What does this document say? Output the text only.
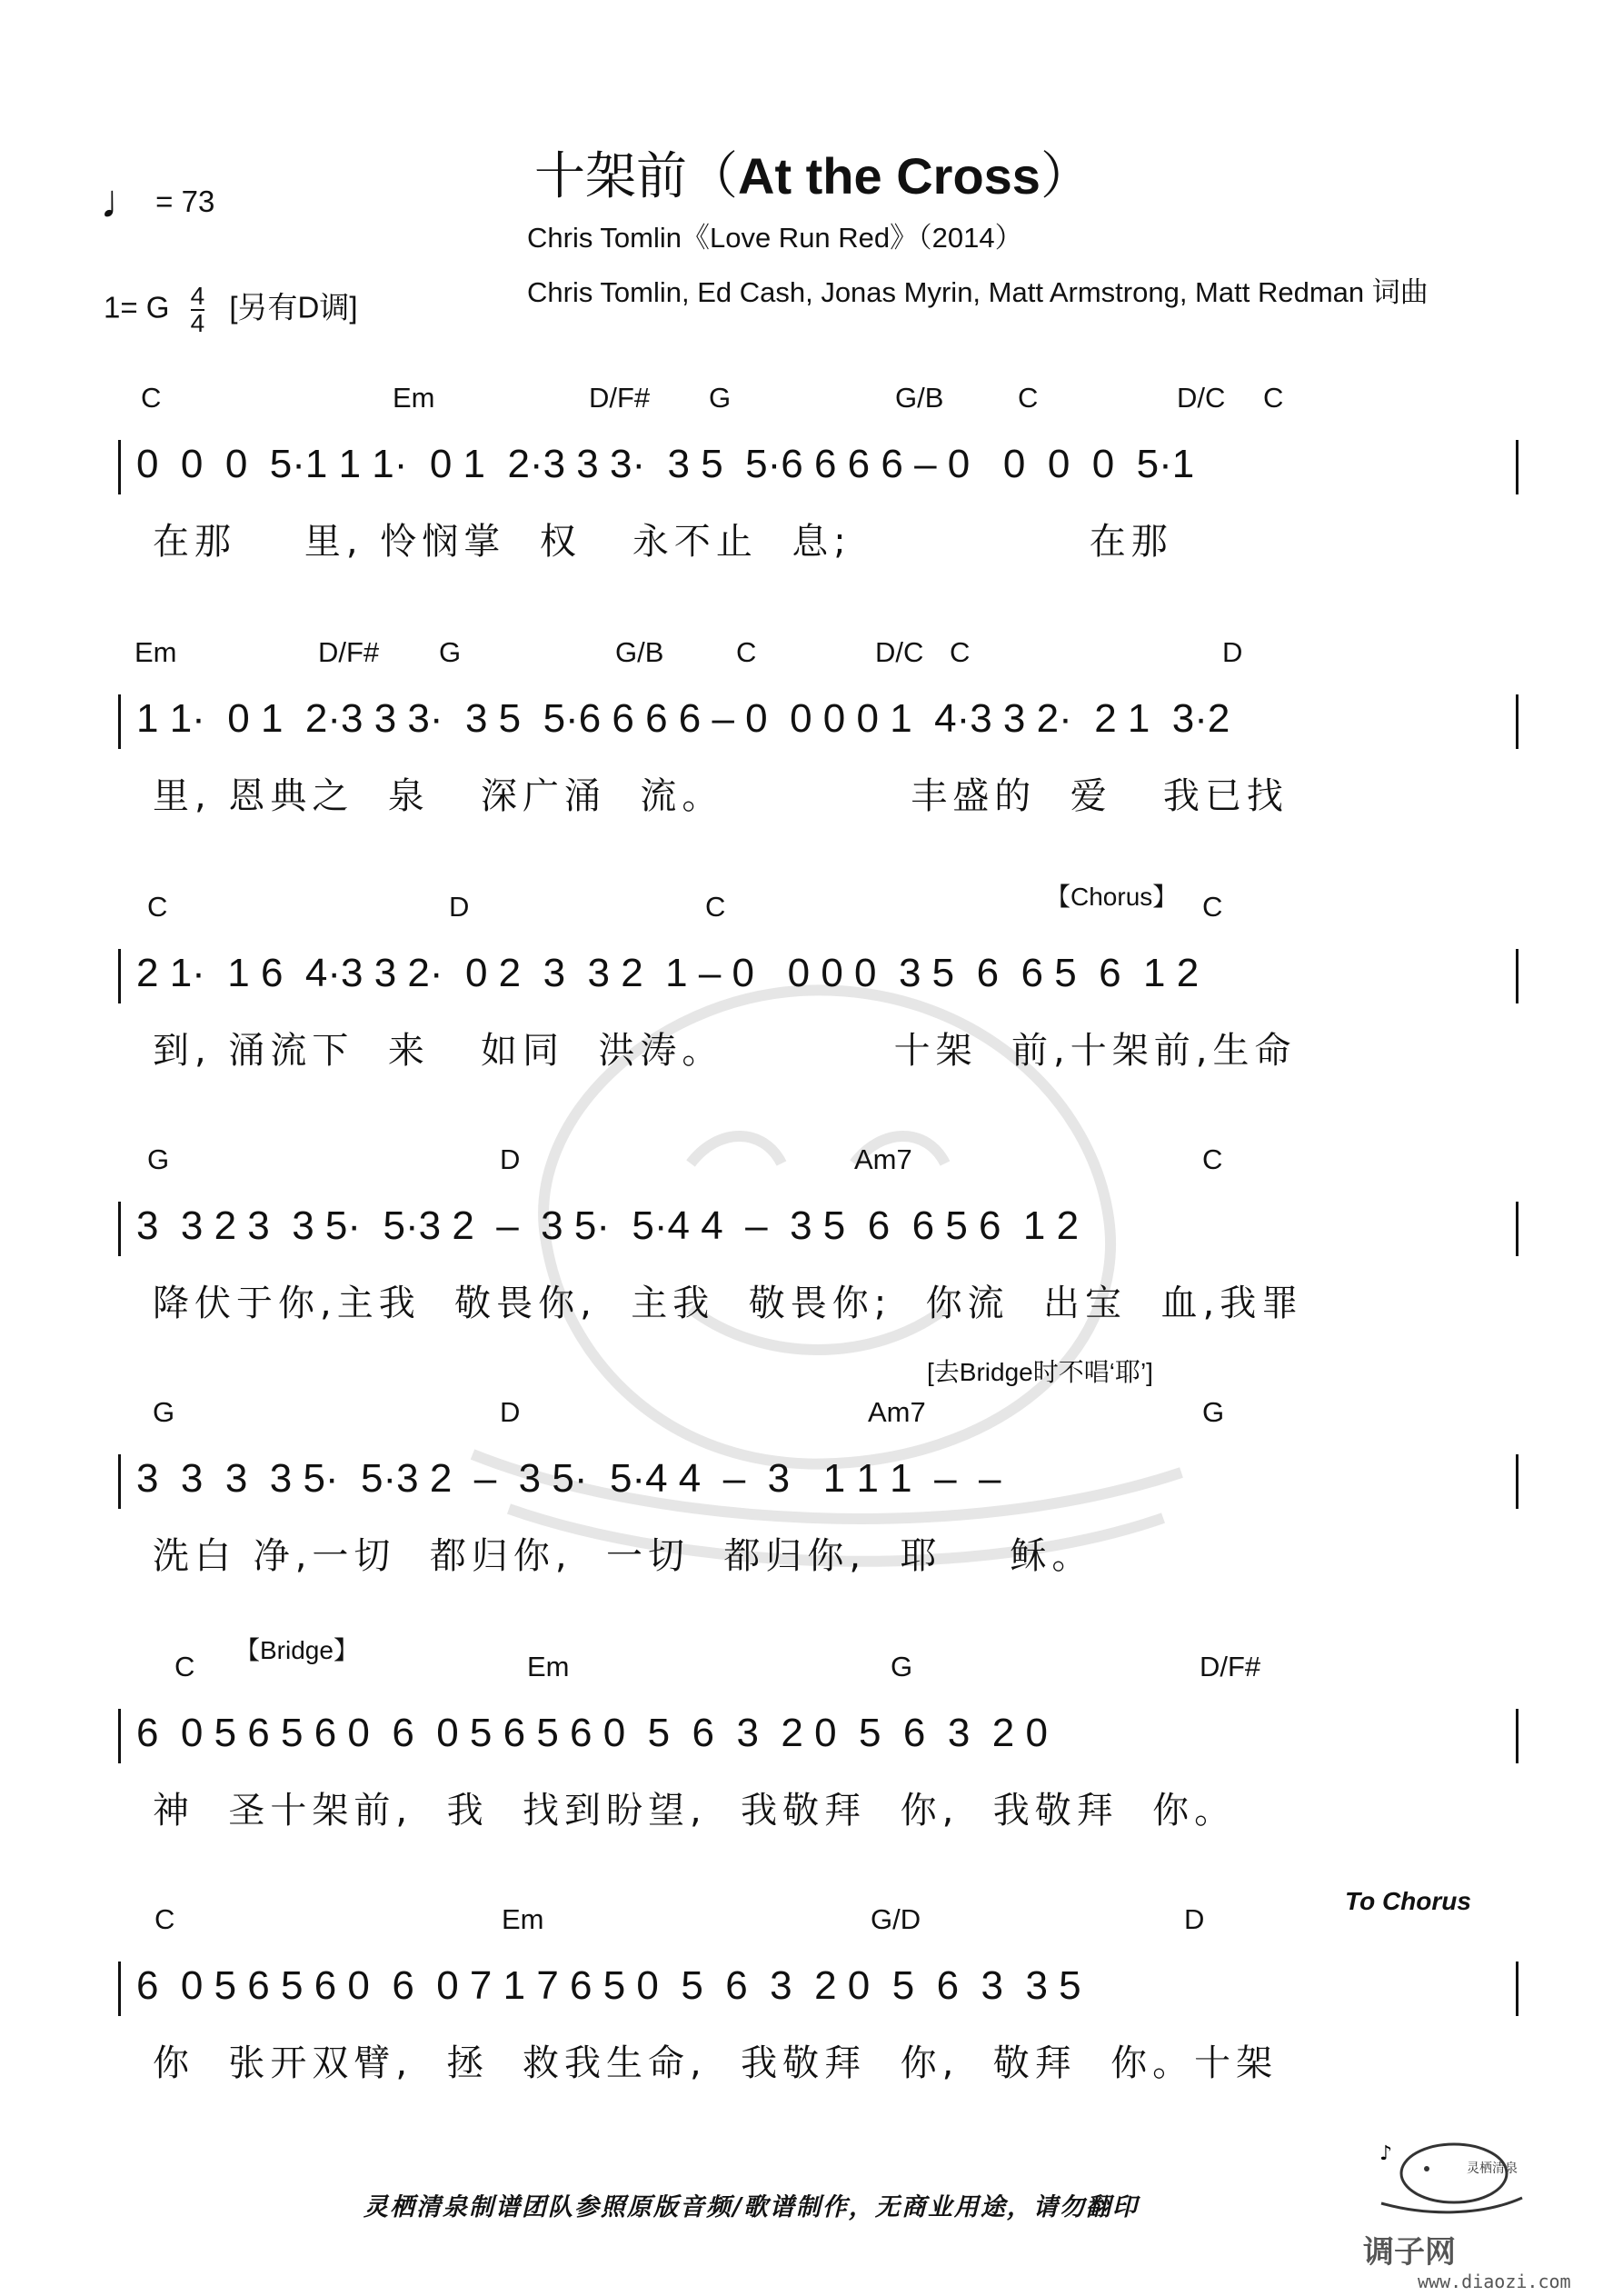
十架前（At the Cross）
Chris Tomlin《Love Run Red》（2014）
Chris Tomlin, Ed Cash, Jonas Myrin, Matt Armstrong, Matt Redman 词曲
♩ = 73
1= G $\frac{4}{4}$ [另有D调]
C	Em	D/F# G	G/B	C	D/C C
0  0  0  5·1 1 1·  0 1  2·3 3 3·  3 5  5·6 6 6 6 – 0   0  0  0  5·1
在那    里, 怜悯掌  权   永不止  息;              在那
Em	D/F# G	G/B	C	D/C C	D
1 1·  0 1  2·3 3 3·  3 5  5·6 6 6 6 – 0  0 0 0 1  4·3 3 2·  2 1  3·2
里, 恩典之  泉   深广涌  流。           丰盛的  爱   我已找
C	D	C	C
2 1·  1 6  4·3 3 2·  0 2  3  3 2  1 – 0   0 0 0  3 5  6  6 5  6  1 2
到, 涌流下  来   如同  洪涛。          十架  前,十架前,生命
【Chorus】
G	D	Am7	C
3  3 2 3  3 5·  5·3 2  –  3 5·  5·4 4  –  3 5  6  6 5 6  1 2
降伏于你,主我  敬畏你,  主我  敬畏你;  你流  出宝  血,我罪
G	D	Am7	G
3  3  3  3 5·  5·3 2  –  3 5·  5·4 4  –  3   1 1 1  –  –
洗白 净,一切  都归你,  一切  都归你,  耶    稣。
[去Bridge时不唱‘耶’]
C	Em	G	D/F#
6  0 5 6 5 6 0  6  0 5 6 5 6 0  5  6  3  2 0  5  6  3  2 0
神  圣十架前,  我  找到盼望,  我敬拜  你,  我敬拜  你。
【Bridge】
C	Em	G/D	D
6  0 5 6 5 6 0  6  0 7 1 7 6 5 0  5  6  3  2 0  5  6  3  3 5
你  张开双臂,  拯  救我生命,  我敬拜  你,  敬拜  你。十架
To Chorus
灵栖清泉制谱团队参照原版音频/歌谱制作，无商业用途，请勿翻印
♪
灵栖清泉
调子网
www.diaozi.com
